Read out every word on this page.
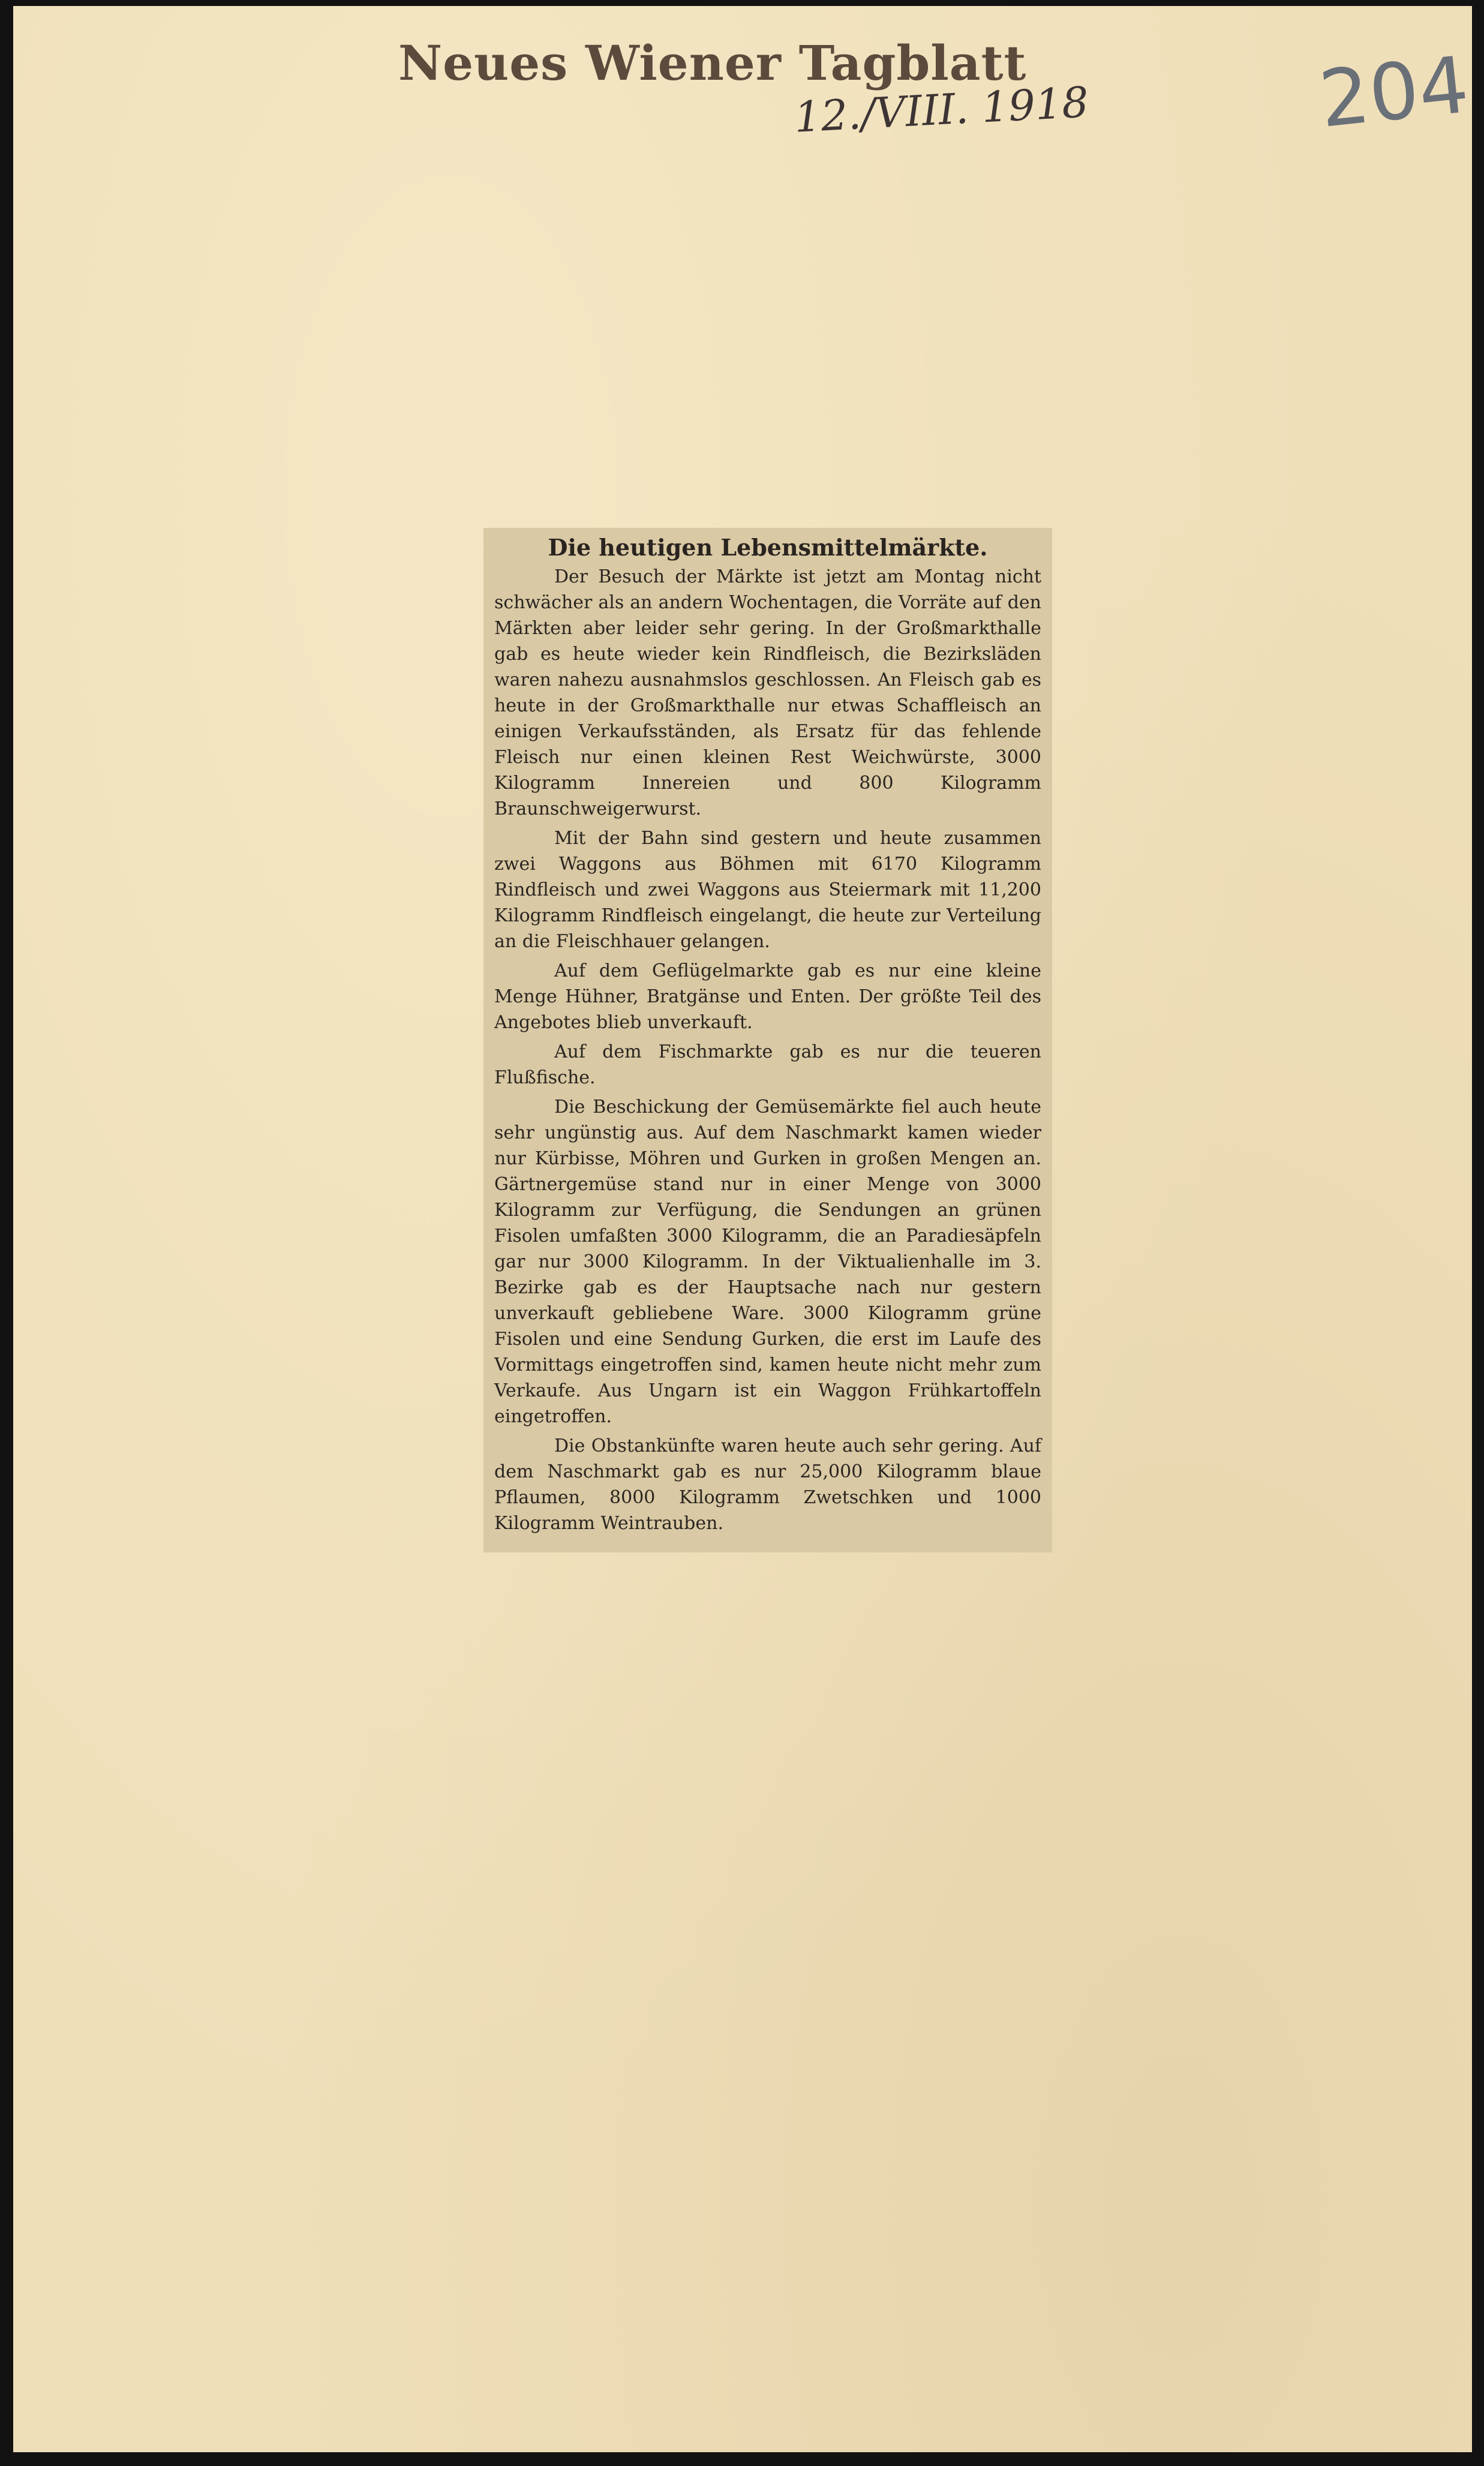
Neues Wiener Tagblatt
12./VIII. 1918	204
Die heutigen Lebensmittelmärkte.

Der Besuch der Märkte ist jetzt am Montag nicht schwächer als an andern Wochentagen, die Vorräte auf den Märkten aber leider sehr gering. In der Großmarkthalle gab es heute wieder kein Rindfleisch, die Bezirksläden waren nahezu ausnahmslos geschlossen. An Fleisch gab es heute in der Großmarkthalle nur etwas Schaffleisch an einigen Verkaufsständen, als Ersatz für das fehlende Fleisch nur einen kleinen Rest Weichwürste, 3000 Kilogramm Innereien und 800 Kilogramm Braunschweigerwurst.

Mit der Bahn sind gestern und heute zusammen zwei Waggons aus Böhmen mit 6170 Kilogramm Rindfleisch und zwei Waggons aus Steiermark mit 11,200 Kilogramm Rindfleisch eingelangt, die heute zur Verteilung an die Fleischhauer gelangen.

Auf dem Geflügelmarkte gab es nur eine kleine Menge Hühner, Bratgänse und Enten. Der größte Teil des Angebotes blieb unverkauft.

Auf dem Fischmarkte gab es nur die teueren Flußfische.

Die Beschickung der Gemüsemärkte fiel auch heute sehr ungünstig aus. Auf dem Naschmarkt kamen wieder nur Kürbisse, Möhren und Gurken in großen Mengen an. Gärtnergemüse stand nur in einer Menge von 3000 Kilogramm zur Verfügung, die Sendungen an grünen Fisolen umfaßten 3000 Kilogramm, die an Paradiesäpfeln gar nur 3000 Kilogramm. In der Viktualienhalle im 3. Bezirke gab es der Hauptsache nach nur gestern unverkauft gebliebene Ware. 3000 Kilogramm grüne Fisolen und eine Sendung Gurken, die erst im Laufe des Vormittags eingetroffen sind, kamen heute nicht mehr zum Verkaufe. Aus Ungarn ist ein Waggon Frühkartoffeln eingetroffen.

Die Obstankünfte waren heute auch sehr gering. Auf dem Naschmarkt gab es nur 25,000 Kilogramm blaue Pflaumen, 8000 Kilogramm Zwetschken und 1000 Kilogramm Weintrauben.
